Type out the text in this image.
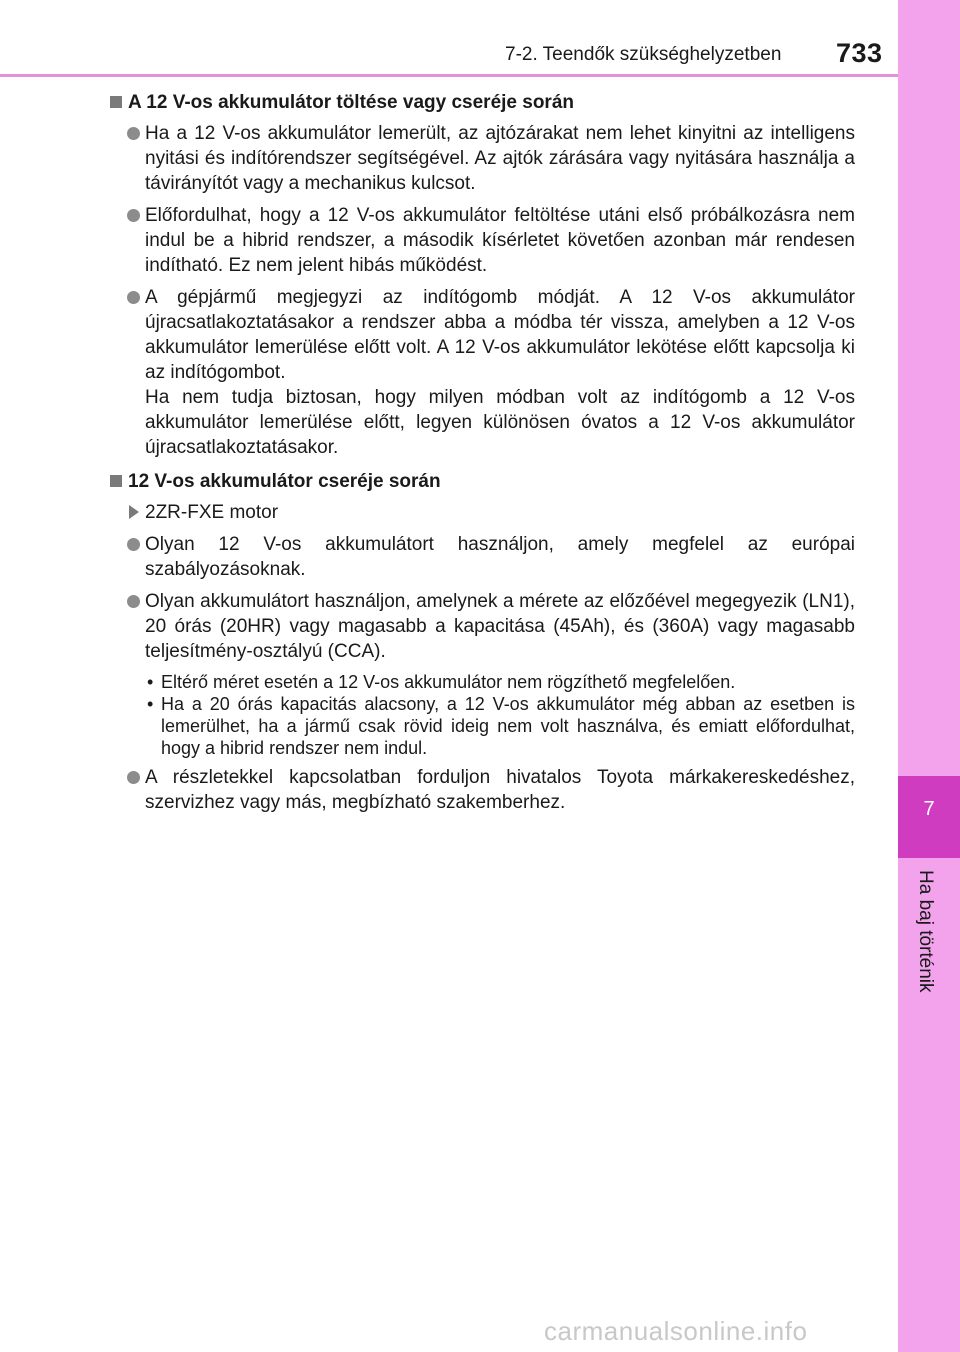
7-2. Teendők szükséghelyzetben 733
7
Ha baj történik
A 12 V-os akkumulátor töltése vagy cseréje során
Ha a 12 V-os akkumulátor lemerült, az ajtózárakat nem lehet kinyitni az intelligens nyitási és indítórendszer segítségével. Az ajtók zárására vagy nyitására használja a távirányítót vagy a mechanikus kulcsot.
Előfordulhat, hogy a 12 V-os akkumulátor feltöltése utáni első próbálkozásra nem indul be a hibrid rendszer, a második kísérletet követően azonban már rendesen indítható. Ez nem jelent hibás működést.
A gépjármű megjegyzi az indítógomb módját. A 12 V-os akkumulátor újracsatlakoztatásakor a rendszer abba a módba tér vissza, amelyben a 12 V-os akkumulátor lemerülése előtt volt. A 12 V-os akkumulátor lekötése előtt kapcsolja ki az indítógombot.
Ha nem tudja biztosan, hogy milyen módban volt az indítógomb a 12 V-os akkumulátor lemerülése előtt, legyen különösen óvatos a 12 V-os akkumulátor újracsatlakoztatásakor.
12 V-os akkumulátor cseréje során
2ZR-FXE motor
Olyan 12 V-os akkumulátort használjon, amely megfelel az európai szabályozásoknak.
Olyan akkumulátort használjon, amelynek a mérete az előzőével megegyezik (LN1), 20 órás (20HR) vagy magasabb a kapacitása (45Ah), és (360A) vagy magasabb teljesítmény-osztályú (CCA).
• Eltérő méret esetén a 12 V-os akkumulátor nem rögzíthető megfelelően.
• Ha a 20 órás kapacitás alacsony, a 12 V-os akkumulátor még abban az esetben is lemerülhet, ha a jármű csak rövid ideig nem volt használva, és emiatt előfordulhat, hogy a hibrid rendszer nem indul.
A részletekkel kapcsolatban forduljon hivatalos Toyota márkakereskedéshez, szervizhez vagy más, megbízható szakemberhez.
carmanualsonline.info
